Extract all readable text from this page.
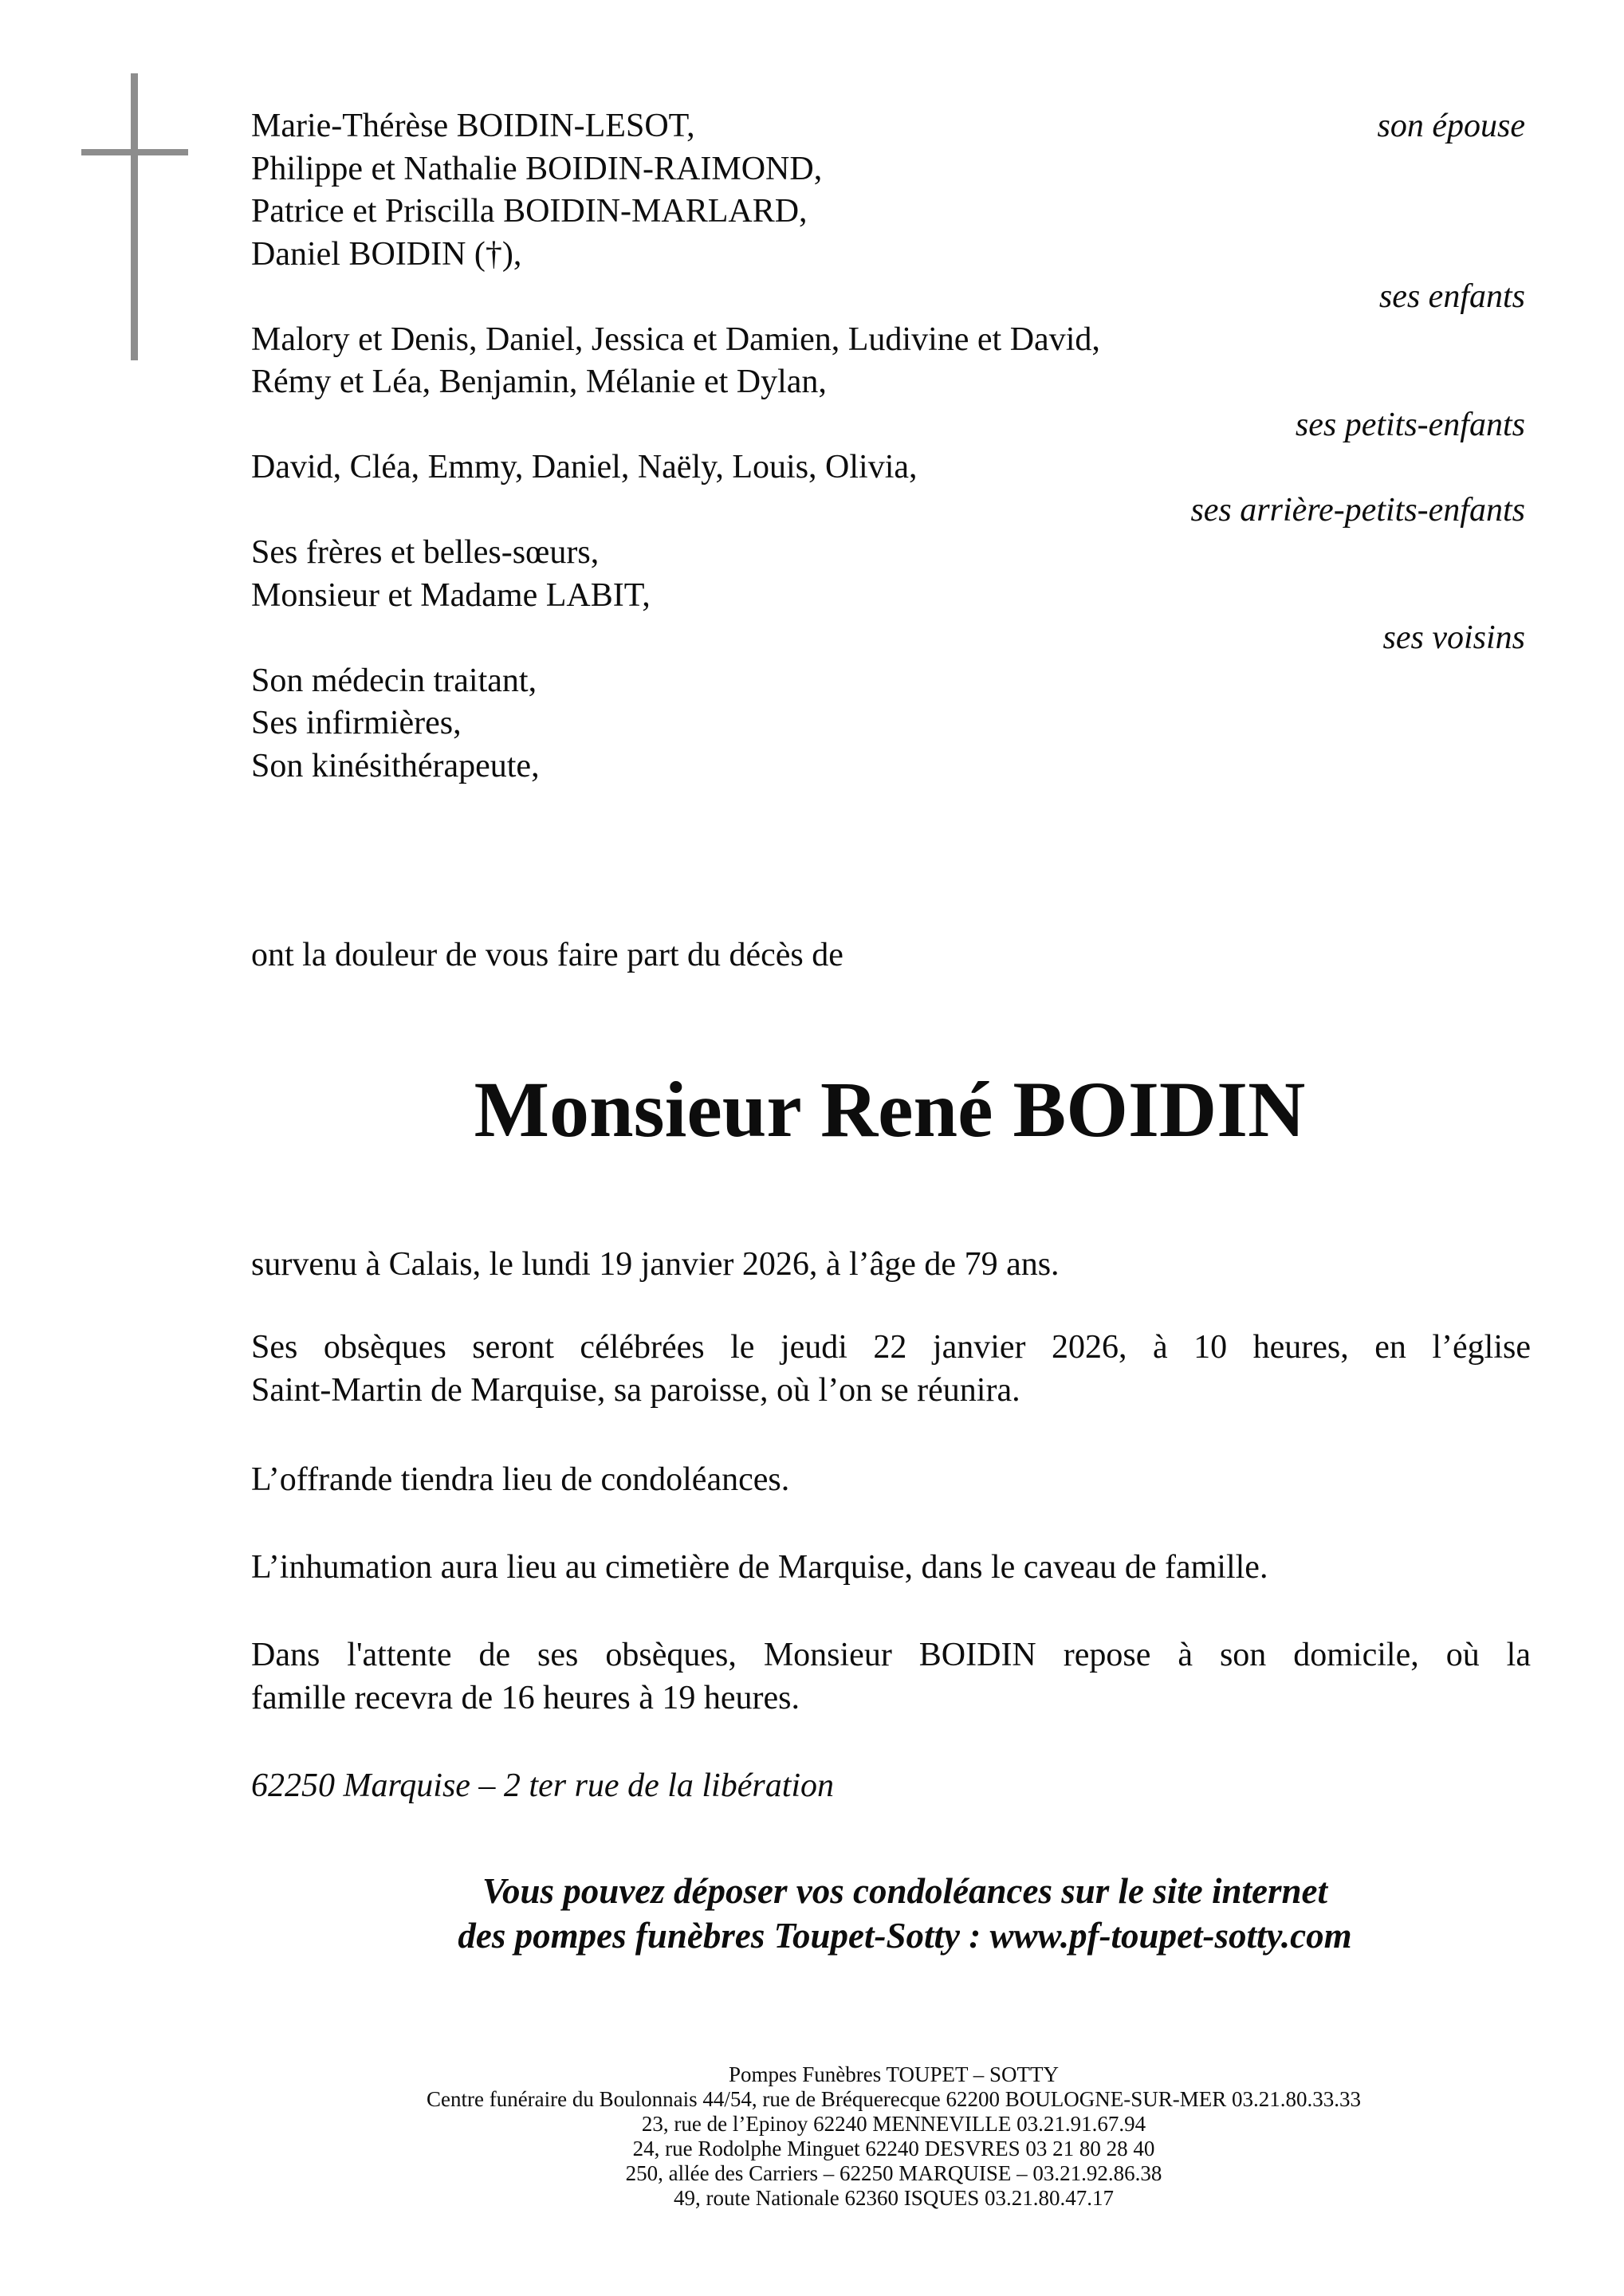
Marie-Thérèse BOIDIN-LESOT,	son épouse
Philippe et Nathalie BOIDIN-RAIMOND,
Patrice et Priscilla BOIDIN-MARLARD,
Daniel BOIDIN (†),
ses enfants
Malory et Denis, Daniel, Jessica et Damien, Ludivine et David,
Rémy et Léa, Benjamin, Mélanie et Dylan,
ses petits-enfants
David, Cléa, Emmy, Daniel, Naëly, Louis, Olivia,
ses arrière-petits-enfants
Ses frères et belles-sœurs,
Monsieur et Madame LABIT,
ses voisins
Son médecin traitant,
Ses infirmières,
Son kinésithérapeute,
ont la douleur de vous faire part du décès de
Monsieur René BOIDIN
survenu à Calais, le lundi 19 janvier 2026, à l’âge de 79 ans.
Ses obsèques seront célébrées le jeudi 22 janvier 2026, à 10 heures, en l’église
Saint-Martin de Marquise, sa paroisse, où l’on se réunira.
L’offrande tiendra lieu de condoléances.
L’inhumation aura lieu au cimetière de Marquise, dans le caveau de famille.
Dans l'attente de ses obsèques, Monsieur BOIDIN repose à son domicile, où la
famille recevra de 16 heures à 19 heures.
62250 Marquise – 2 ter rue de la libération
Vous pouvez déposer vos condoléances sur le site internet
des pompes funèbres Toupet-Sotty : www.pf-toupet-sotty.com
Pompes Funèbres TOUPET – SOTTY
Centre funéraire du Boulonnais 44/54, rue de Bréquerecque 62200 BOULOGNE-SUR-MER 03.21.80.33.33
23, rue de l’Epinoy 62240 MENNEVILLE 03.21.91.67.94
24, rue Rodolphe Minguet 62240 DESVRES 03 21 80 28 40
250, allée des Carriers – 62250 MARQUISE – 03.21.92.86.38
49, route Nationale 62360 ISQUES 03.21.80.47.17
